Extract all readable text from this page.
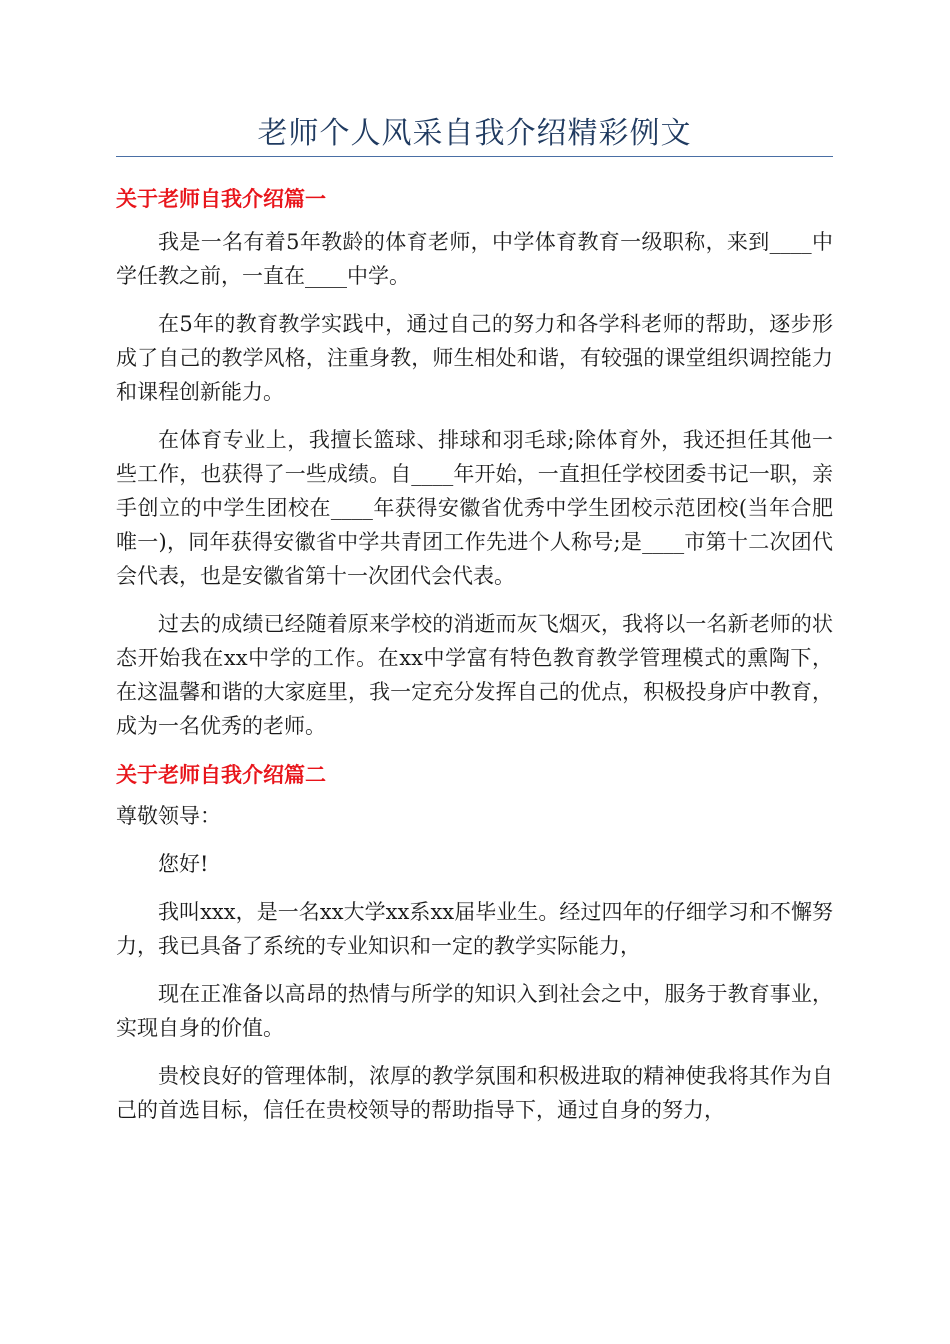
老师个人风采自我介绍精彩例文
关于老师自我介绍篇一

我是一名有着5年教龄的体育老师，中学体育教育一级职称，来到____中学任教之前，一直在____中学。

在5年的教育教学实践中，通过自己的努力和各学科老师的帮助，逐步形成了自己的教学风格，注重身教，师生相处和谐，有较强的课堂组织调控能力和课程创新能力。

在体育专业上，我擅长篮球、排球和羽毛球;除体育外，我还担任其他一些工作，也获得了一些成绩。自____年开始，一直担任学校团委书记一职，亲手创立的中学生团校在____年获得安徽省优秀中学生团校示范团校(当年合肥唯一)，同年获得安徽省中学共青团工作先进个人称号;是____市第十二次团代会代表，也是安徽省第十一次团代会代表。

过去的成绩已经随着原来学校的消逝而灰飞烟灭，我将以一名新老师的状态开始我在xx中学的工作。在xx中学富有特色教育教学管理模式的熏陶下，在这温馨和谐的大家庭里，我一定充分发挥自己的优点，积极投身庐中教育，成为一名优秀的老师。

关于老师自我介绍篇二

尊敬领导：

您好!

我叫xxx，是一名xx大学xx系xx届毕业生。经过四年的仔细学习和不懈努力，我已具备了系统的专业知识和一定的教学实际能力，

现在正准备以高昂的热情与所学的知识入到社会之中，服务于教育事业，实现自身的价值。

贵校良好的管理体制，浓厚的教学氛围和积极进取的精神使我将其作为自己的首选目标，信任在贵校领导的帮助指导下，通过自身的努力，
